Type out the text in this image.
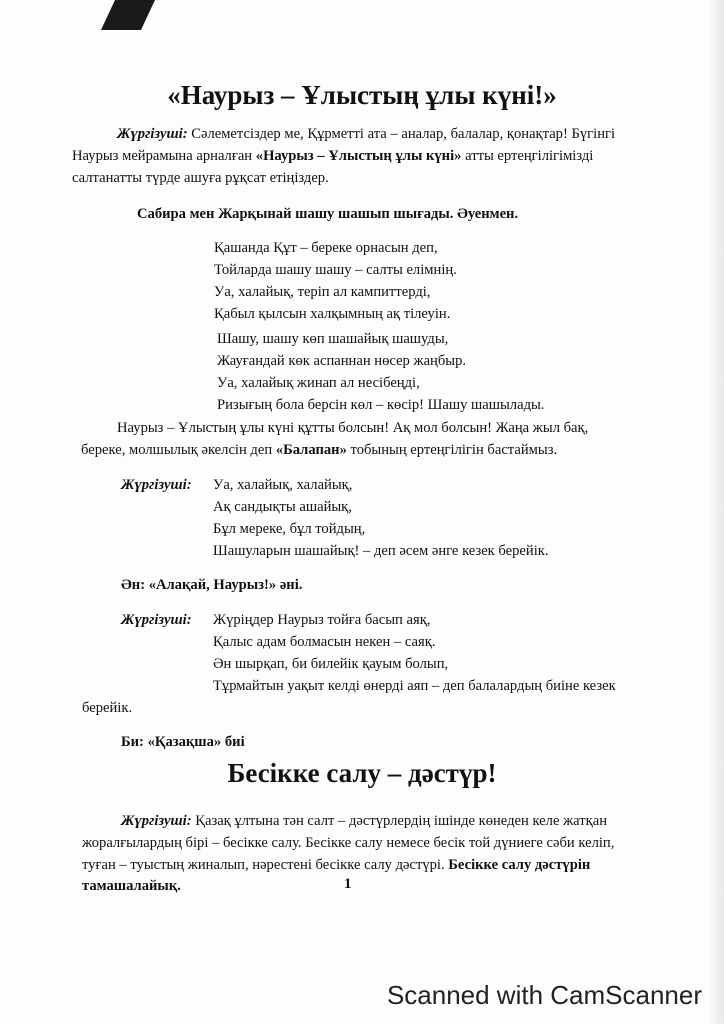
«Наурыз – Ұлыстың ұлы күні!»
Жүргізуші: Сәлеметсіздер ме, Құрметті ата – аналар, балалар, қонақтар! Бүгінгі
Наурыз мейрамына арналған «Наурыз – Ұлыстың ұлы күні» атты ертеңгілігімізді
салтанатты түрде ашуға рұқсат етіңіздер.
Сабира мен Жарқынай шашу шашып шығады. Әуенмен.
Қашанда Құт – береке орнасын деп,
Тойларда шашу шашу – салты елімнің.
Уа, халайық, теріп ал кампиттерді,
Қабыл қылсын халқымның ақ тілеуін.
Шашу, шашу көп шашайық шашуды,
Жауғандай көк аспаннан нөсер жаңбыр.
Уа, халайық жинап ал несібеңді,
Ризығың бола берсін көл – көсір! Шашу шашылады.
Наурыз – Ұлыстың ұлы күні құтты болсын! Ақ мол болсын! Жаңа жыл бақ,
береке, молшылық әкелсін деп «Балапан» тобының ертеңгілігін бастаймыз.
Жүргізуші: Уа, халайық, халайық,
Ақ сандықты ашайық,
Бұл мереке, бұл тойдың,
Шашуларын шашайық! – деп әсем әнге кезек берейік.
Ән: «Алақай, Наурыз!» әні.
Жүргізуші: Жүріңдер Наурыз тойға басып аяқ,
Қалыс адам болмасын некен – саяқ.
Ән шырқап, би билейік қауым болып,
Тұрмайтын уақыт келді өнерді аяп – деп балалардың биіне кезек
берейік.
Би: «Қазақша» биі
Бесікке салу – дәстүр!
Жүргізуші: Қазақ ұлтына тән салт – дәстүрлердің ішінде көнеден келе жатқан
жоралғылардың бірі – бесікке салу. Бесікке салу немесе бесік той дүниеге сәби келіп,
туған – туыстың жиналып, нәрестені бесікке салу дәстүрі. Бесікке салу дәстүрін
тамашалайық.	1
Scanned with CamScanner
